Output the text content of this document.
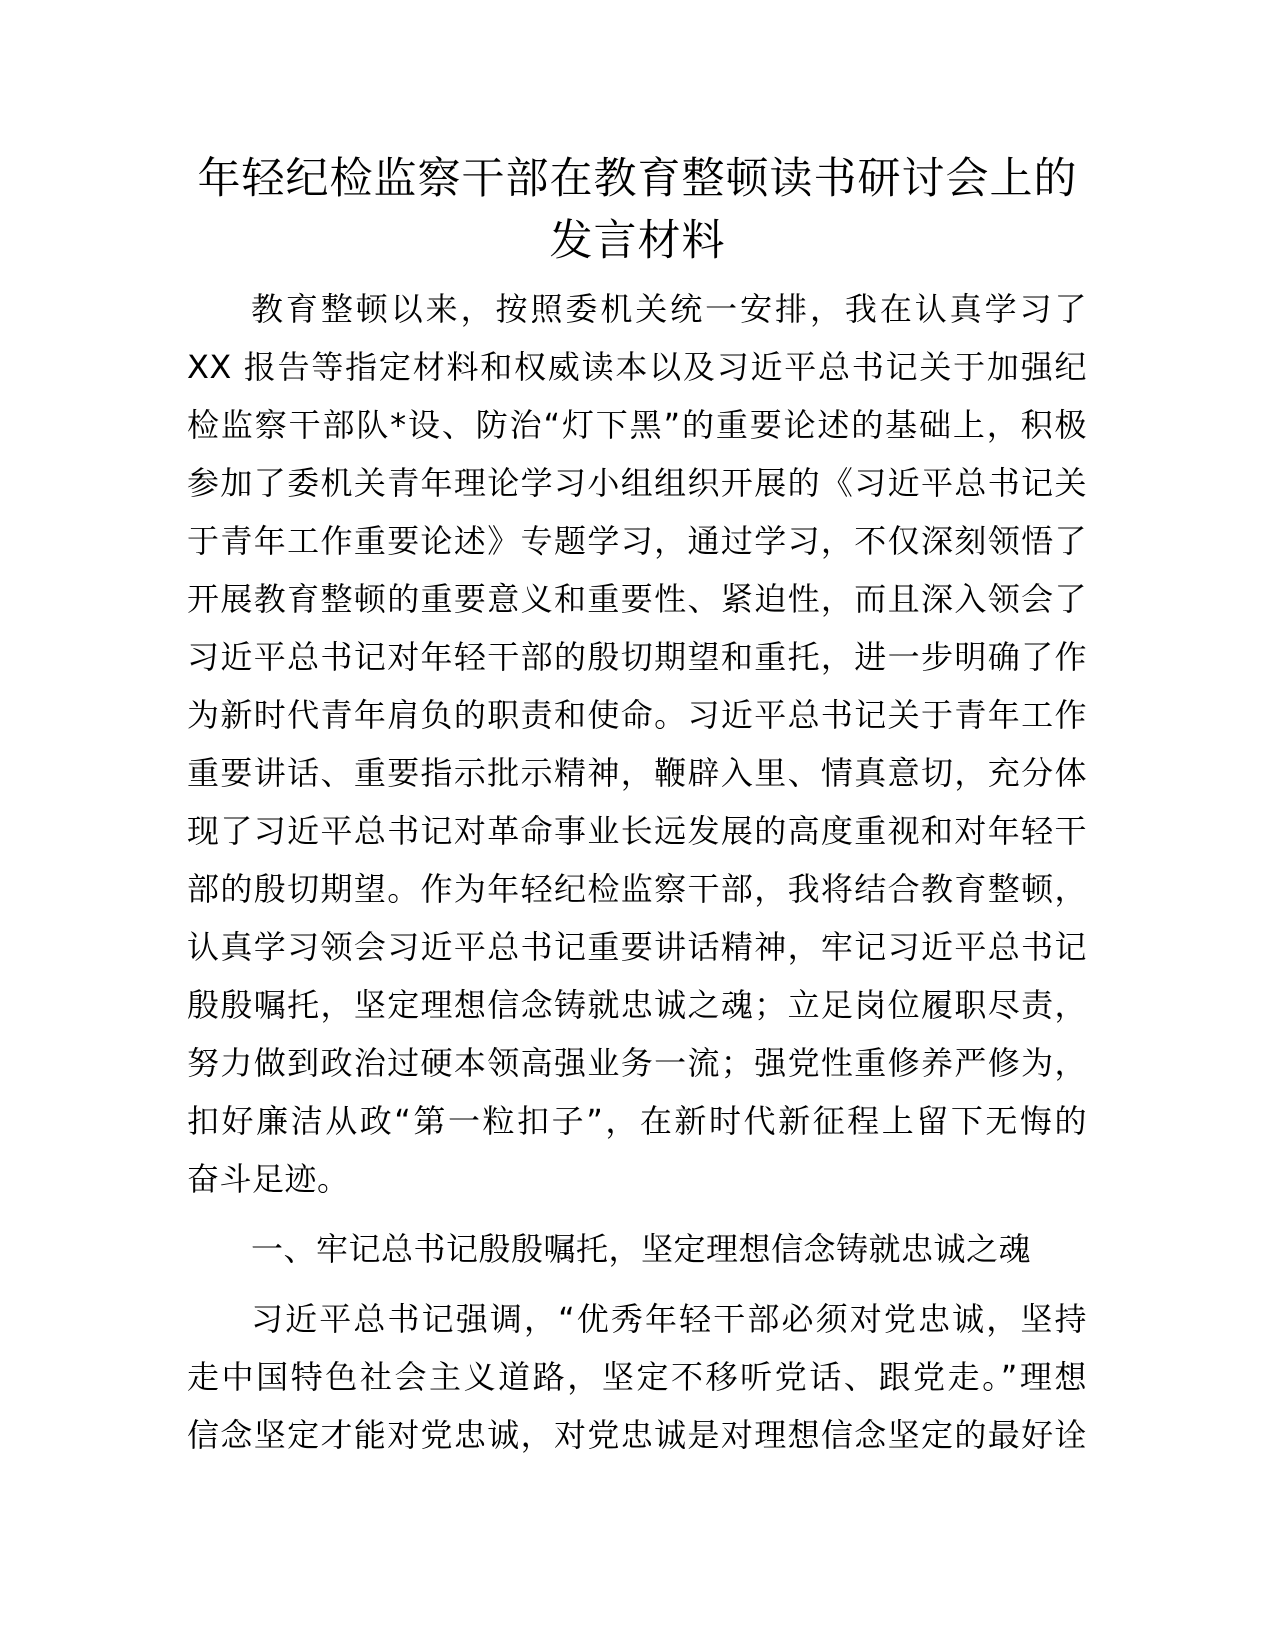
年轻纪检监察干部在教育整顿读书研讨会上的
发言材料
教育整顿以来，按照委机关统一安排，我在认真学习了
XX 报告等指定材料和权威读本以及习近平总书记关于加强纪
检监察干部队*设、防治“灯下黑”的重要论述的基础上，积极
参加了委机关青年理论学习小组组织开展的《习近平总书记关
于青年工作重要论述》专题学习，通过学习，不仅深刻领悟了
开展教育整顿的重要意义和重要性、紧迫性，而且深入领会了
习近平总书记对年轻干部的殷切期望和重托，进一步明确了作
为新时代青年肩负的职责和使命。习近平总书记关于青年工作
重要讲话、重要指示批示精神，鞭辟入里、情真意切，充分体
现了习近平总书记对革命事业长远发展的高度重视和对年轻干
部的殷切期望。作为年轻纪检监察干部，我将结合教育整顿，
认真学习领会习近平总书记重要讲话精神，牢记习近平总书记
殷殷嘱托，坚定理想信念铸就忠诚之魂；立足岗位履职尽责，
努力做到政治过硬本领高强业务一流；强党性重修养严修为，
扣好廉洁从政“第一粒扣子”，在新时代新征程上留下无悔的
奋斗足迹。
一、牢记总书记殷殷嘱托，坚定理想信念铸就忠诚之魂
习近平总书记强调，“优秀年轻干部必须对党忠诚，坚持
走中国特色社会主义道路，坚定不移听党话、跟党走。”理想
信念坚定才能对党忠诚，对党忠诚是对理想信念坚定的最好诠
